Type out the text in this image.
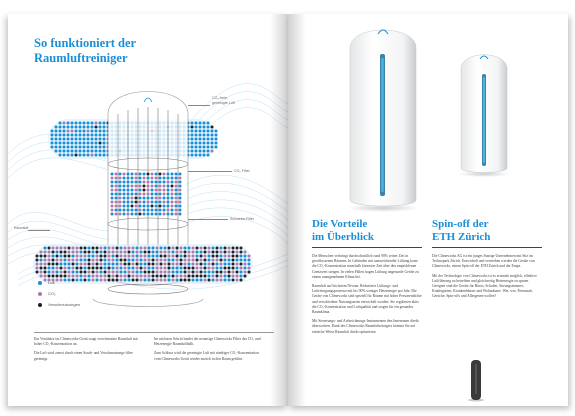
So funktioniert der
Raumluftreiniger
CO₂-freie,
gereinigte Luft
CO₂ Filter
Schwebe-Filter
Raumluft
Luft
CO₂
Verschmutzungen

Ein Ventilator im Climeworks-Gerät saugt verschmutzte Raumluft mit hoher CO₂-Konzentration an.

Die Luft wird zuerst durch einen Staub- und Verschmutzungs-filter gereinigt.

Im nächsten Schritt bindet der neuartige Climeworks Filter das CO₂ und Heizenergie Raumlufthüllt.

Zum Schluss wird die gereinigte Luft mit niedriger CO₂-Konzentration vom Climeworks-Gerät wieder zurück in den Raum geführt.

Die Vorteile
im Überblick
Spin-off der
ETH Zürich

Die Menschen verbringt durchschnittlich rund 90% seiner Zeit in geschlossenen Räumen. In Gebäuden mit unzureichender Lüftung kann die CO₂-Konzentration innerhalb kürzester Zeit über den empfohlenen Grenzwert steigen. In vielen Fällen tragen Lüftung ungesunde Geräte zu einem unangenehmen Klima bei.

Raumluft auf höchstem Niveau: Reduzierte Lüftungs- und Luftreinigungsprozesse mit bis 90% weniger Heizenergie pro Jahr. Die Geräte von Climeworks sind speziell für Räume mit hoher Personendichte und verschiedene Nutzungsarten entwickelt worden. Sie regulieren aktiv die CO₂-Konzentration und Luftqualität und sorgen für ein gesundes Raumklima.

Mit Steuerungs- und Aufzeichnungs-Instrumenten den Innenraum direkt überwachen. Dank des Climeworks Raumluftreinigers können Sie auf einfache Weise Raumluft direkt optimieren.

Die Climeworks AG ist ein junges Startup-Unternehmen mit Sitz im Technopark Zürich. Entwickelt und vertrieben werden die Geräte von Climeworks, einem Spin-off der ETH Zürich und der Empa.

Mit der Technologie von Climeworks ist es erstmals möglich, effektive Luftfilterung zu betreiben und gleichzeitig Heizenergie zu sparen. Geeignet sind die Geräte für Büros, Schulen, Sitzungszimmer, Kindergärten, Krankenhäuser und Wohnräume. Wer, wie, Feinstaub, Gerüche, Spin-offs und Allergenen wollen?
